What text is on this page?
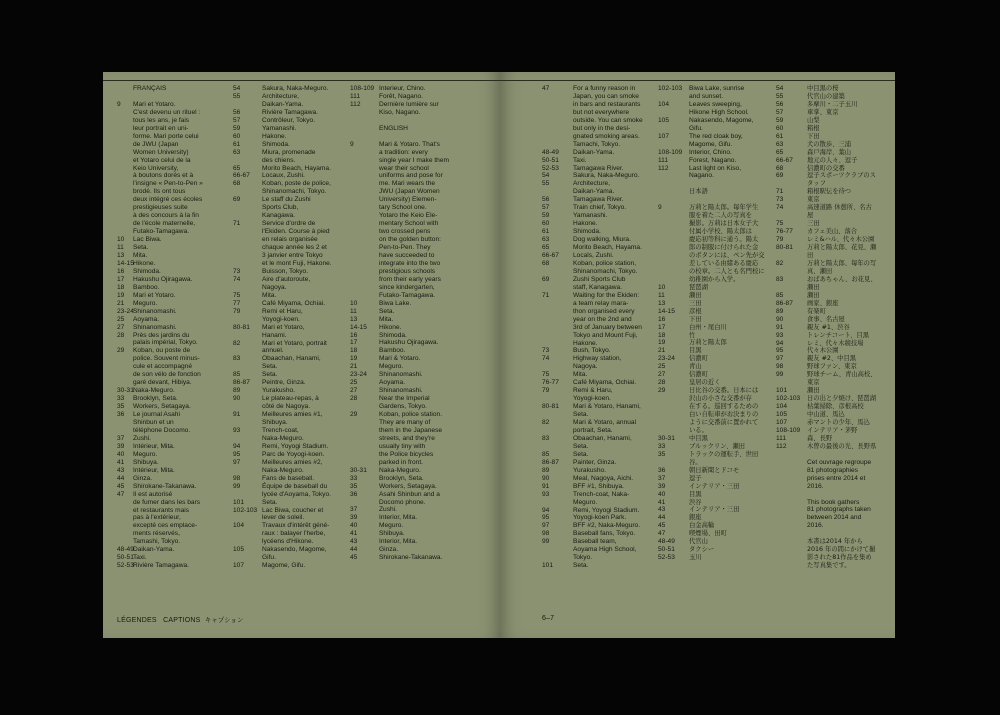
FRANÇAIS
9	Mari et Yotaro.
C'est devenu un rituel :
tous les ans, je fais
leur portrait en uni-
forme. Mari porte celui
de JWU (Japan
Women University)
et Yotaro celui de la
Keio University,
à boutons dorés et à
l'insigne « Pen-to-Pen »
brodé. Ils ont tous
deux intégré ces écoles
prestigieuses suite
à des concours à la fin
de l'école maternelle,
Futako-Tamagawa.
10	Lac Biwa.
11	Seta.
13	Mita.
14-15 Hikone.
16	Shimoda.
17	Hakushu Ojiragawa.
18	Bamboo.
19	Mari et Yotaro.
21	Meguro.
23-24 Shinanomashi.
25	Aoyama.
27	Shinanomashi.
28	Près des jardins du
palais impérial, Tokyo.
29	Koban, ou poste de
police. Souvent minus-
cule et accompagné
de son vélo de fonction
garé devant, Hibiya.
30-31 Naka-Meguro.
33	Brooklyn, Seta.
35	Workers, Setagaya.
36	Le journal Asahi
Shinbun et un
téléphone Docomo.
37	Zushi.
39	Intérieur, Mita.
40	Meguro.
41	Shibuya.
43	Intérieur, Mita.
44	Ginza.
45	Shirokane-Takanawa.
47	Il est autorisé
de fumer dans les bars
et restaurants mais
pas à l'extérieur,
excepté ces emplace-
ments réservés,
Tamashi, Tokyo.
48-49 Daikan-Yama.
50-51 Taxi.
52-53 Rivière Tamagawa.
54	Sakura, Naka-Meguro.
55	Architecture,
Daikan-Yama.
56	Rivière Tamagawa.
57	Contrôleur, Tokyo.
59	Yamanashi.
60	Hakone.
61	Shimoda.
63	Miura, promenade
des chiens.
65	Morito Beach, Hayama.
66-67	Locaux, Zushi.
68	Koban, poste de police,
Shinanomachi, Tokyo.
69	Le staff du Zushi
Sports Club,
Kanagawa.
71	Service d'ordre de
l'Ekiden. Course à pied
en relais organisée
chaque année les 2 et
3 janvier entre Tokyo
et le mont Fuji, Hakone.
73	Buisson, Tokyo.
74	Aire d'autoroute,
Nagoya.
75	Mita.
77	Café Miyama, Ochiai.
79	Remi et Haru,
Yoyogi-koen.
80-81	Mari et Yotaro,
Hanami.
82	Mari et Yotaro, portrait
annuel.
83	Obaachan, Hanami,
Seta.
85	Seta.
86-87	Peintre, Ginza.
89	Yurakusho.
90	Le plateau-repas, à
côté de Nagoya.
91	Meilleures amies #1,
Shibuya.
93	Trench-coat,
Naka-Meguro.
94	Remi, Yoyogi Stadium.
95	Parc de Yoyogi-koen.
97	Meilleures amies #2,
Naka-Meguro.
98	Fans de baseball.
99	Équipe de baseball du
lycée d'Aoyama, Tokyo.
101	Seta.
102-103 Lac Biwa, coucher et
lever de soleil.
104	Travaux d'intérêt géné-
raux : balayer l'herbe,
lycéens d'Hikone.
105	Nakasendo, Magome,
Gifu.
107	Magome, Gifu.
108-109 Interieur, Chino.
111	Forêt, Nagano.
112	Dernière lumière sur
Kiso, Nagano.
ENGLISH
9	Mari & Yotaro. That's
a tradition: every
single year I make them
wear their school
uniforms and pose for
me. Mari wears the
JWU (Japan Women
University) Elemen-
tary School one.
Yotaro the Keio Ele-
mentary School with
two crossed pens
on the golden button:
Pen-to-Pen. They
have succeeded to
integrate into the two
prestigious schools
from their early years
since kindergarten,
Futako-Tamagawa.
10	Biwa Lake.
11	Seta.
13	Mita.
14-15	Hikone.
16	Shimoda.
17	Hakushu Ojiragawa.
18	Bamboo.
19	Mari & Yotaro.
21	Meguro.
23-24	Shinanomashi.
25	Aoyama.
27	Shinanomashi.
28	Near the Imperial
Gardens, Tokyo.
29	Koban, police station.
They are many of
them in the Japanese
streets, and they're
usually tiny with
the Police bicycles
parked in front.
30-31	Naka-Meguro.
33	Brooklyn, Seta.
35	Workers, Setagaya.
36	Asahi Shinbun and a
Docomo phone.
37	Zushi.
39	Interior, Mita.
40	Meguro.
41	Shibuya.
43	Interior, Mita.
44	Ginza.
45	Shirokane-Takanawa.
LÉGENDES CAPTIONS キャプション
47	For a funny reason in
Japan, you can smoke
in bars and restaurants
but not everywhere
outside. You can smoke
but only in the desi-
gnated smoking areas.
Tamachi, Tokyo.
48-49	Daikan-Yama.
50-51	Taxi.
52-53	Tamagawa River.
54	Sakura, Naka-Meguro.
55	Architecture,
Daikan-Yama.
56	Tamagawa River.
57	Train chief, Tokyo.
59	Yamanashi.
60	Hakone.
61	Shimoda.
63	Dog walking, Miura.
65	Morito Beach, Hayama.
66-67	Locals, Zushi.
68	Koban, police station,
Shinanomachi, Tokyo.
69	Zushi Sports Club
staff, Kanagawa.
71	Waiting for the Ekiden:
a team relay mara-
thon organised every
year on the 2nd and
3rd of January between
Tokyo and Mount Fuji,
Hakone.
73	Bush, Tokyo.
74	Highway station,
Nagoya.
75	Mita.
76-77	Café Miyama, Ochiai.
79	Remi & Haru,
Yoyogi-koen.
80-81	Mari & Yotaro, Hanami,
Seta.
82	Mari & Yotaro, annual
portrait, Seta.
83	Obaachan, Hanami,
Seta.
85	Seta.
86-87	Painter, Ginza.
89	Yurakusho.
90	Meal, Nagoya, Aichi.
91	BFF #1, Shibuya.
93	Trench-coat, Naka-
Meguro.
94	Remi, Yoyogi Stadium.
95	Yoyogi-koen Park.
97	BFF #2, Naka-Meguro.
98	Baseball fans, Tokyo.
99	Baseball team,
Aoyama High School,
Tokyo.
101	Seta.
102-103	Biwa Lake, sunrise
and sunset.
104	Leaves sweeping,
Hikone High School.
105	Nakasendo, Magome,
Gifu.
107	The red cloak boy,
Magome, Gifu.
108-109	Interior, Chino.
111	Forest, Nagano.
112	Last light on Kiso,
Nagano.
日本語
9	万莉と陽太郎。毎年学生
服を着た二人の写真を
撮影。万莉は日本女子大
付属小学校、陽太郎は
慶応初等科に通う。陽太
郎の制服に付けられた金
のボタンには、ペン先が交
差している由緒ある慶応
の校章。二人とも名門校に
幼稚園から入学。
10	琵琶湖
11	瀬田
13	三田
14-15	彦根
16	下田
17	白州・尾白川
18	竹
19	万莉と陽太郎
21	目黒
23-24	信濃町
25	青山
27	信濃町
28	皇居の近く
29	日比谷の交番。日本には
沢山の小さな交番が存
在する。巡回するための
白い自転車がお決まりの
ように交番前に置かれて
いる。
30-31	中目黒
33	ブルックリン、瀬田
35	トラックの運転手、世田
谷。
36	朝日新聞とドコモ
37	逗子
39	インテリア・三田
40	目黒
41	渋谷
43	インテリア・三田
44	銀座
45	白金高輪
47	喫煙場、田町
48-49	代官山
50-51	タクシー
52-53	玉川
54	中目黒の桜
55	代官山の建築
56	多摩川・二子玉川
57	車掌、東京
59	山梨
60	箱根
61	下田
63	犬の散歩、三浦
65	森戸海岸、葉山
66-67	地元の人々、逗子
68	信濃町の交番
69	逗子スポーツクラブのス
タッフ
71	箱根駅伝を待つ
73	東京
74	高速道路 休憩所、名古
屋
75	三田
76-77	カフェ美山、落合
79	レミ&ハル、代々木公園
80-81	万莉と陽太郎、花見、瀬
田
82	万莉と陽太郎、毎年の写
真、瀬田
83	おばあちゃん、お花見、
瀬田
85	瀬田
86-87	画家、銀座
89	有楽町
90	食事、名古屋
91	親友 #1、渋谷
93	トレンチコート、目黒
94	レミ、代々木競技場
95	代々木公園
97	親友 #2、中目黒
98	野球ファン、東京
99	野球チーム、青山高校、
東京
101	瀬田
102-103	日の出と夕焼け、琵琶湖
104	枯葉掃除、彦根高校
105	中山道、馬込
107	赤マントの少年、馬込
108-109	インテリア・茅野
111	森、長野
112	木曽の最後の光、長野県
Cet ouvrage regroupe
81 photographies
prises entre 2014 et
2016.
This book gathers
81 photographs taken
between 2014 and
2016.
本書は2014 年から
2016 年の間にかけて撮
影された81作品を集め
た写真集です。
6–7
